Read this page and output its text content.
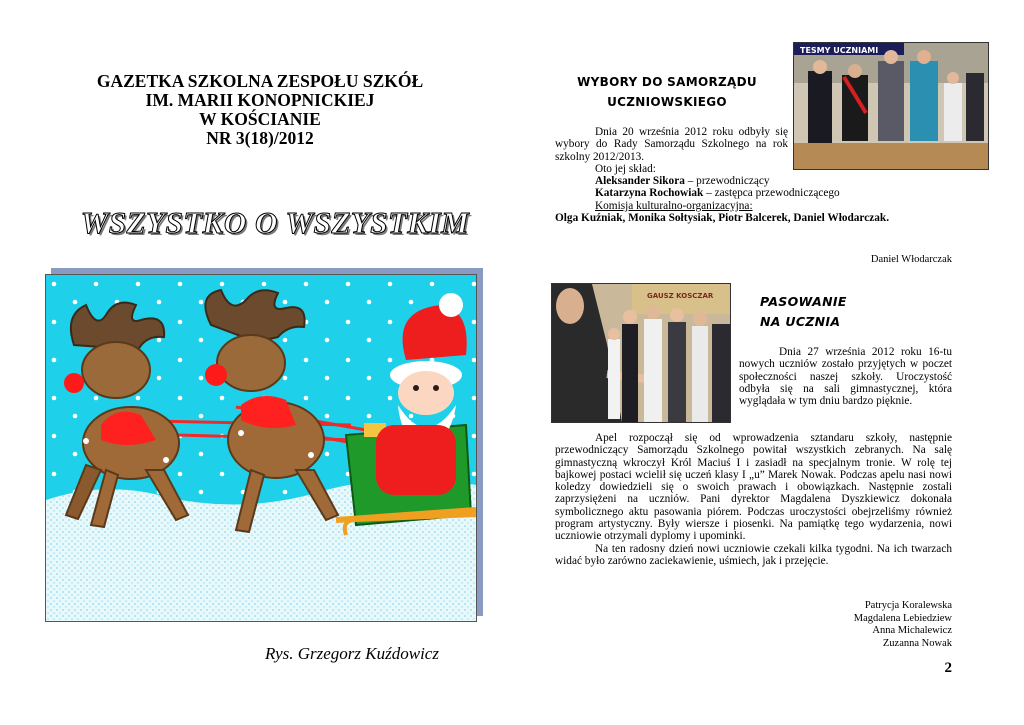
GAZETKA SZKOLNA ZESPOŁU SZKÓŁ
IM. MARII KONOPNICKIEJ
W KOŚCIANIE
NR 3(18)/2012
WSZYSTKO O WSZYSTKIM
Rys. Grzegorz Kuźdowicz
WYBORY DO SAMORZĄDU
UCZNIOWSKIEGO
TESMY UCZNIAMI

Dnia 20 września 2012 roku odbyły się wybory do Rady Samorządu Szkolnego na rok szkolny 2012/2013.

Oto jej skład:

Aleksander Sikora – przewodniczący

Katarzyna Rochowiak – zastępca przewodniczącego

Komisja kulturalno-organizacyjna:

Olga Kuźniak, Monika Sołtysiak, Piotr Balcerek, Daniel Włodarczak.

Daniel Włodarczak
GAUSZ KOSCZAR	PASOWANIE
NA UCZNIA

Dnia 27 września 2012 roku 16-tu nowych uczniów zostało przyjętych w poczet społeczności naszej szkoły. Uroczystość odbyła się na sali gimnastycznej, która wyglądała w tym dniu bardzo pięknie.

Apel rozpoczął się od wprowadzenia sztandaru szkoły, następnie przewodniczący Samorządu Szkolnego powitał wszystkich zebranych. Na salę gimnastyczną wkroczył Król Maciuś I i zasiadł na specjalnym tronie. W rolę tej bajkowej postaci wcielił się uczeń klasy I „u” Marek Nowak. Podczas apelu nasi nowi koledzy dowiedzieli się o swoich prawach i obowiązkach. Następnie zostali zaprzysiężeni na uczniów. Pani dyrektor Magdalena Dyszkiewicz dokonała symbolicznego aktu pasowania piórem. Podczas uroczystości obejrzeliśmy również program artystyczny. Były wiersze i piosenki. Na pamiątkę tego wydarzenia, nowi uczniowie otrzymali dyplomy i upominki.

Na ten radosny dzień nowi uczniowie czekali kilka tygodni. Na ich twarzach widać było zarówno zaciekawienie, uśmiech, jak i przejęcie.

Patrycja Koralewska
Magdalena Lebiedziew
Anna Michalewicz
Zuzanna Nowak
2
